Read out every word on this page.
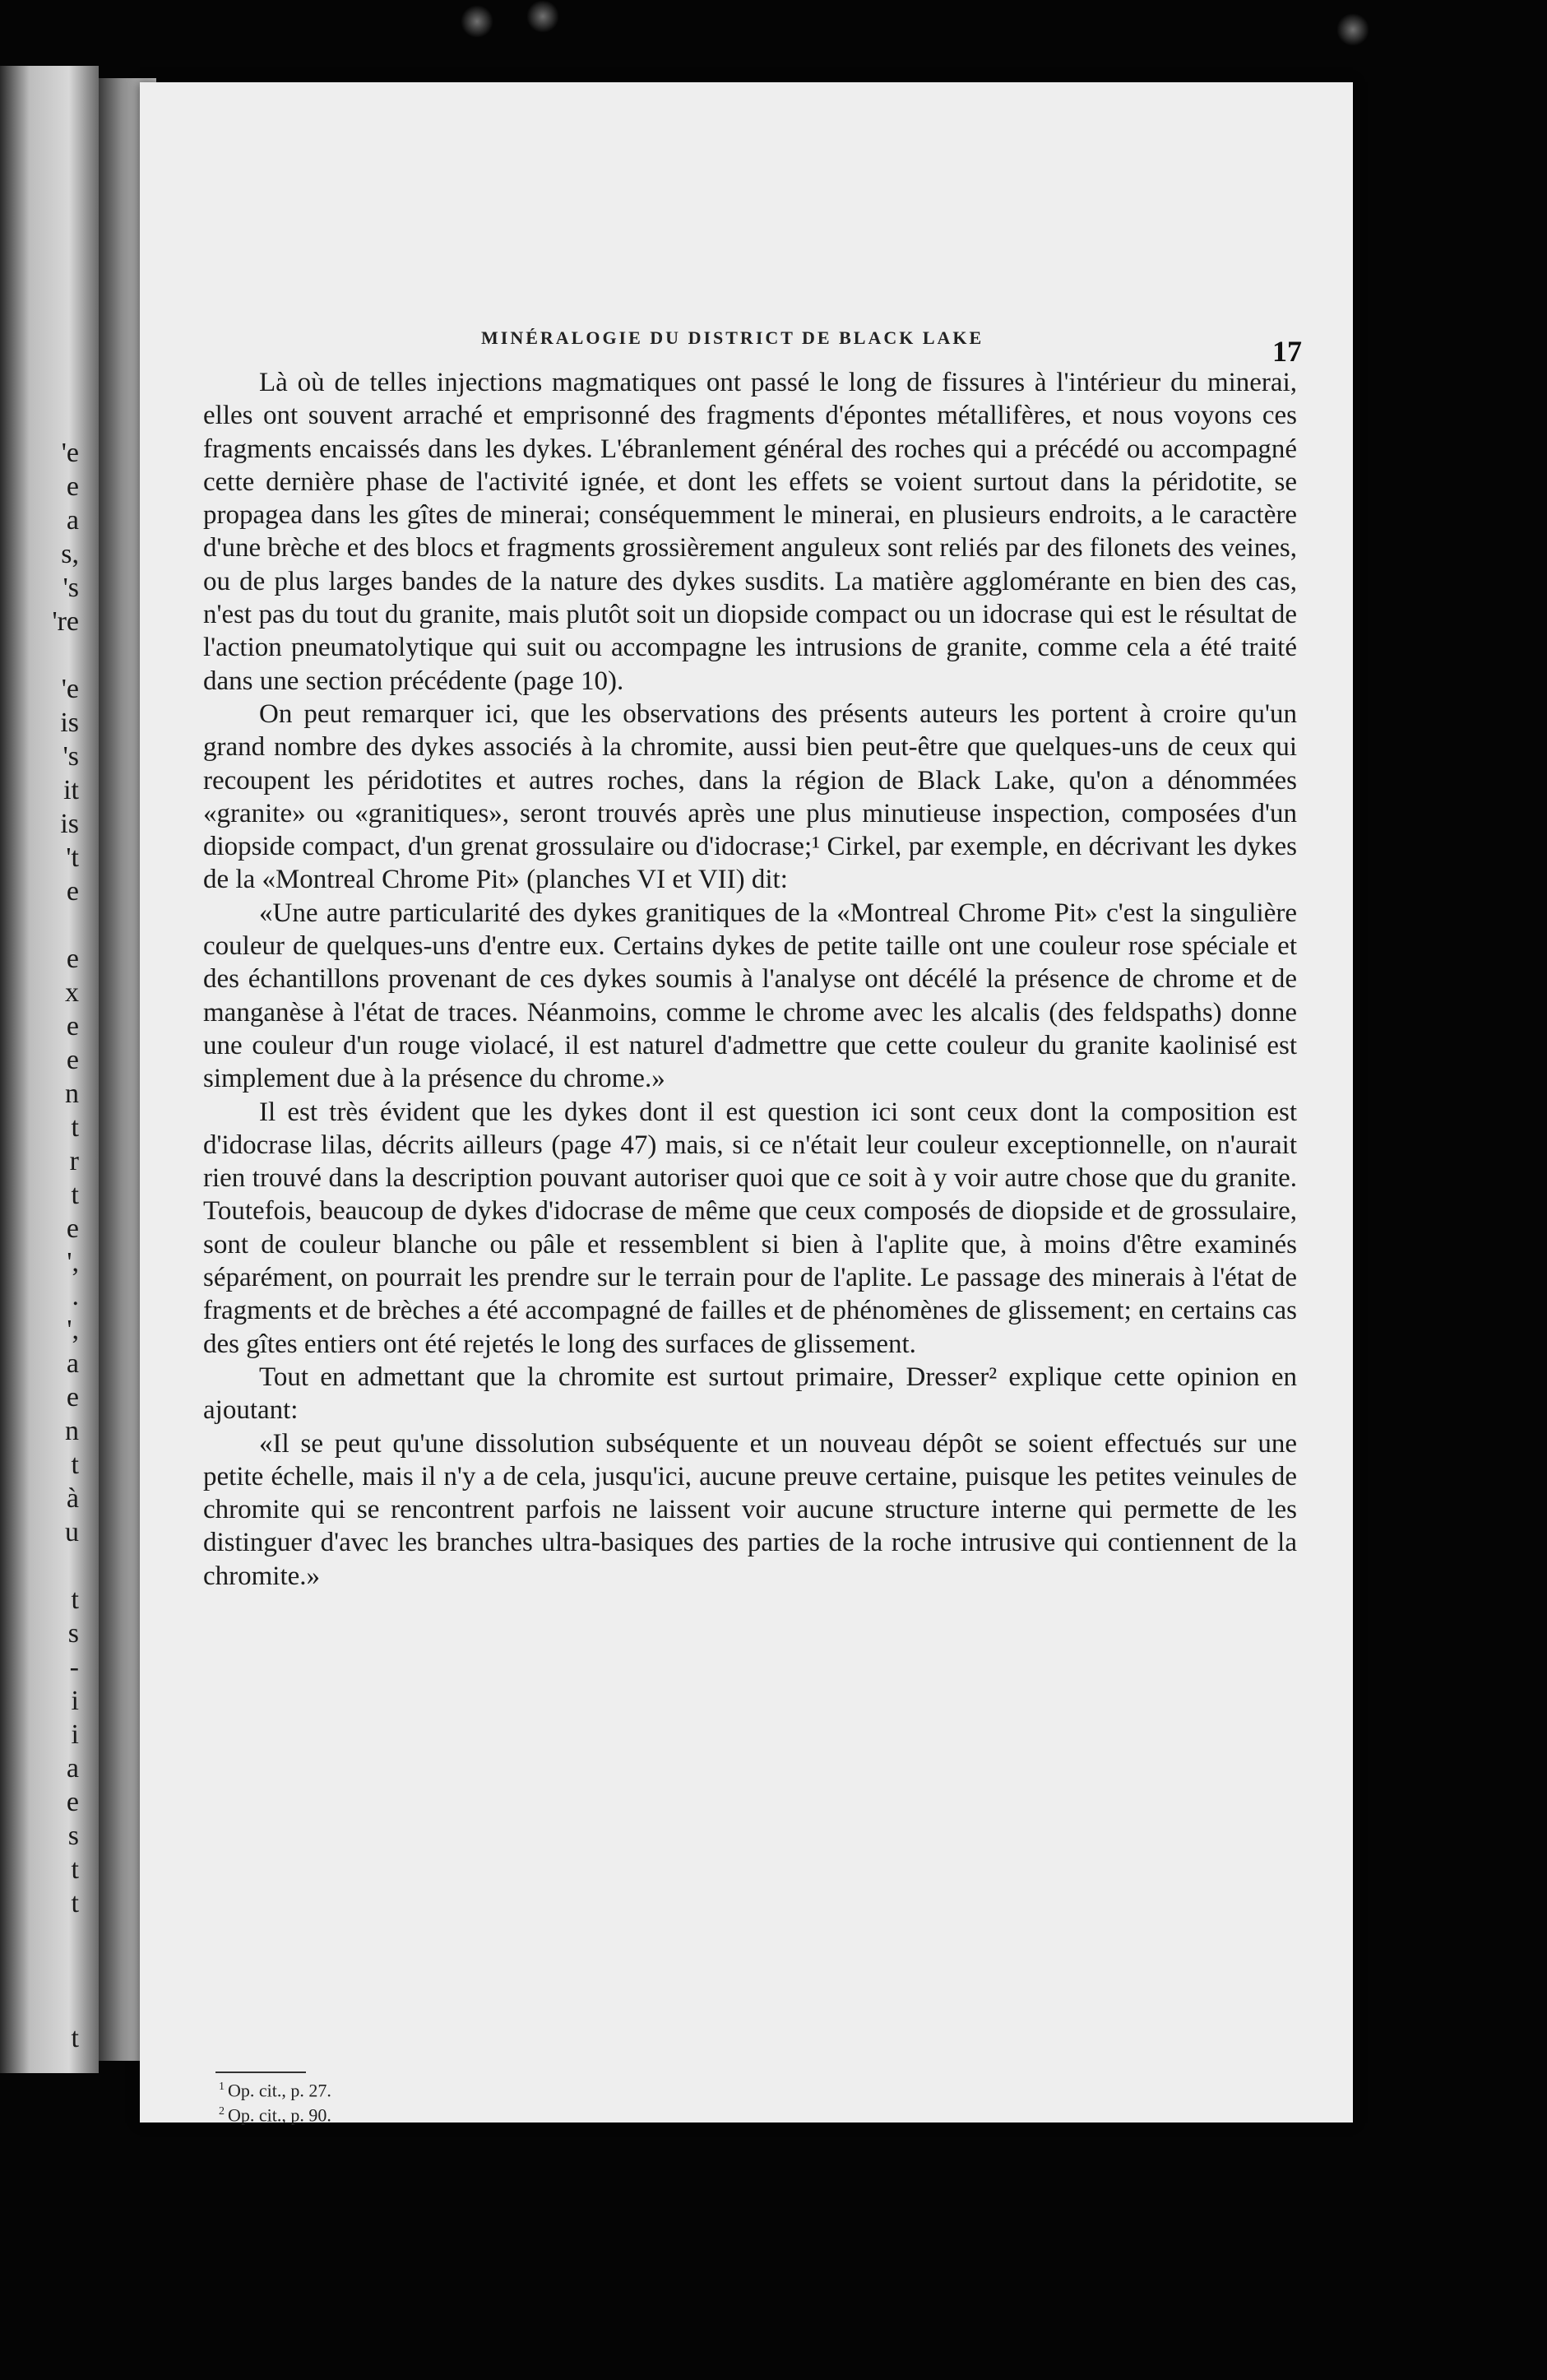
'e
e
a
s,
's
're

'e
is
's
it
is
't
e

e
x
e
e
n
t
r
t
e
',
.
',
a
e
n
t
à
u

t
s
-
i
i
a
e
s
t
t

t
MINÉRALOGIE DU DISTRICT DE BLACK LAKE	17

Là où de telles injections magmatiques ont passé le long de fissures à l'intérieur du minerai, elles ont souvent arraché et emprisonné des fragments d'épontes métallifères, et nous voyons ces fragments encaissés dans les dykes. L'ébranlement général des roches qui a précédé ou accompagné cette dernière phase de l'activité ignée, et dont les effets se voient surtout dans la péridotite, se propagea dans les gîtes de minerai; conséquemment le minerai, en plusieurs endroits, a le caractère d'une brèche et des blocs et fragments grossièrement anguleux sont reliés par des filonets des veines, ou de plus larges bandes de la nature des dykes susdits. La matière agglomérante en bien des cas, n'est pas du tout du granite, mais plutôt soit un diopside compact ou un idocrase qui est le résultat de l'action pneumatolytique qui suit ou accompagne les intrusions de granite, comme cela a été traité dans une section précédente (page 10).

On peut remarquer ici, que les observations des présents auteurs les portent à croire qu'un grand nombre des dykes associés à la chromite, aussi bien peut-être que quelques-uns de ceux qui recoupent les péridotites et autres roches, dans la région de Black Lake, qu'on a dénommées «granite» ou «granitiques», seront trouvés après une plus minutieuse inspection, composées d'un diopside compact, d'un grenat grossulaire ou d'idocrase;¹ Cirkel, par exemple, en décrivant les dykes de la «Montreal Chrome Pit» (planches VI et VII) dit:

«Une autre particularité des dykes granitiques de la «Montreal Chrome Pit» c'est la singulière couleur de quelques-uns d'entre eux. Certains dykes de petite taille ont une couleur rose spéciale et des échantillons provenant de ces dykes soumis à l'analyse ont décélé la présence de chrome et de manganèse à l'état de traces. Néanmoins, comme le chrome avec les alcalis (des feldspaths) donne une couleur d'un rouge violacé, il est naturel d'admettre que cette couleur du granite kaolinisé est simplement due à la présence du chrome.»

Il est très évident que les dykes dont il est question ici sont ceux dont la composition est d'idocrase lilas, décrits ailleurs (page 47) mais, si ce n'était leur couleur exceptionnelle, on n'aurait rien trouvé dans la description pouvant autoriser quoi que ce soit à y voir autre chose que du granite. Toutefois, beaucoup de dykes d'idocrase de même que ceux composés de diopside et de grossulaire, sont de couleur blanche ou pâle et ressemblent si bien à l'aplite que, à moins d'être examinés séparément, on pourrait les prendre sur le terrain pour de l'aplite. Le passage des minerais à l'état de fragments et de brèches a été accompagné de failles et de phénomènes de glissement; en certains cas des gîtes entiers ont été rejetés le long des surfaces de glissement.

Tout en admettant que la chromite est surtout primaire, Dresser² explique cette opinion en ajoutant:

«Il se peut qu'une dissolution subséquente et un nouveau dépôt se soient effectués sur une petite échelle, mais il n'y a de cela, jusqu'ici, aucune preuve certaine, puisque les petites veinules de chromite qui se rencontrent parfois ne laissent voir aucune structure interne qui permette de les distinguer d'avec les branches ultra-basiques des parties de la roche intrusive qui contiennent de la chromite.»

$^1$ Op. cit., p. 27.
$^2$ Op. cit., p. 90.
